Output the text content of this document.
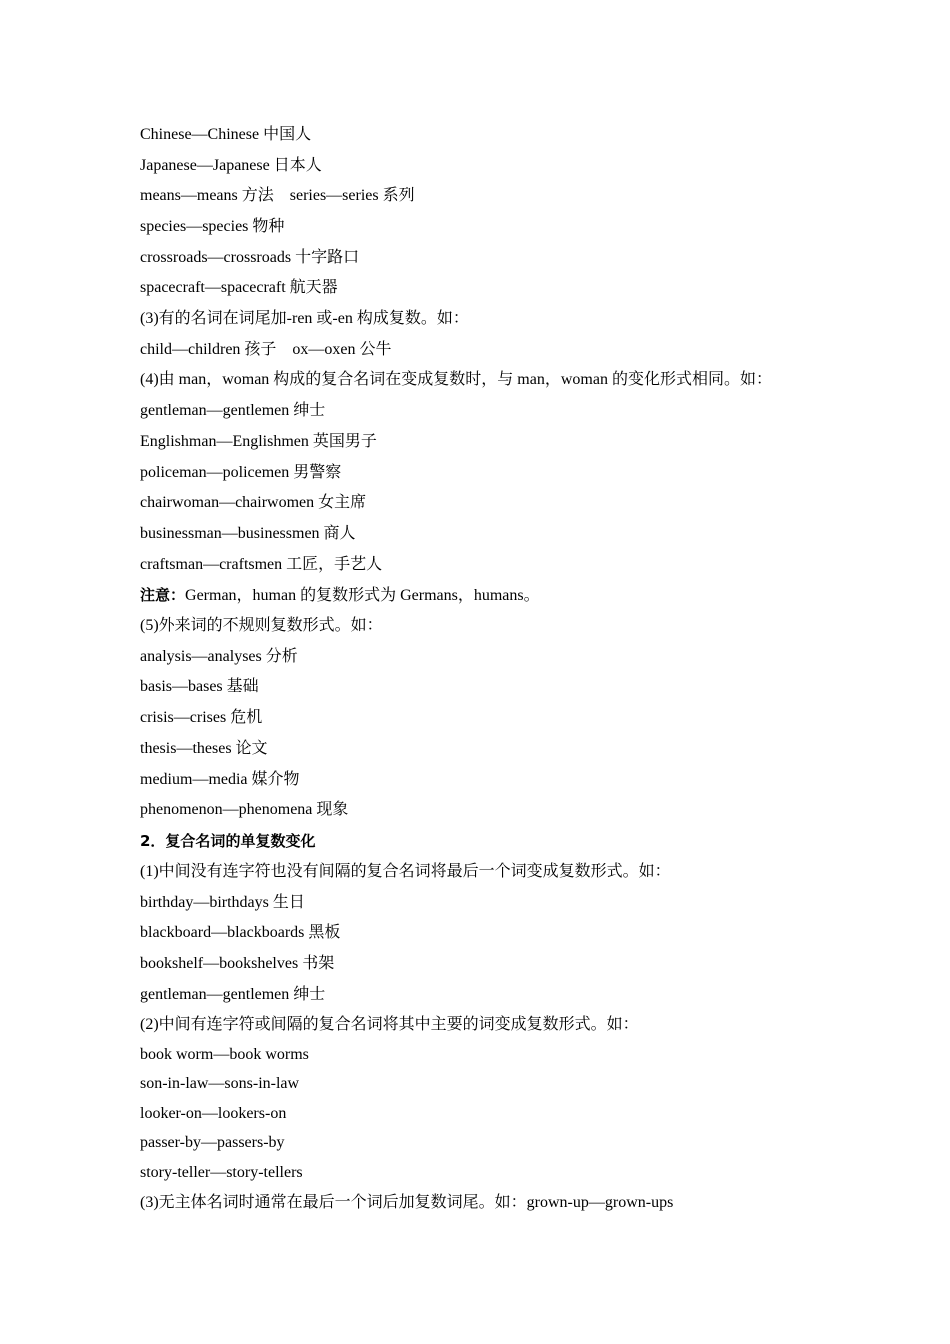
Chinese—Chinese 中国人
Japanese—Japanese 日本人
means—means 方法　series—series 系列
species—species 物种
crossroads—crossroads 十字路口
spacecraft—spacecraft 航天器
(3)有的名词在词尾加-ren 或-en 构成复数。如：
child—children 孩子　ox—oxen 公牛
(4)由 man，woman 构成的复合名词在变成复数时，与 man，woman 的变化形式相同。如：
gentleman—gentlemen 绅士
Englishman—Englishmen 英国男子
policeman—policemen 男警察
chairwoman—chairwomen 女主席
businessman—businessmen 商人
craftsman—craftsmen 工匠，手艺人
注意：German，human 的复数形式为 Germans，humans。
(5)外来词的不规则复数形式。如：
analysis—analyses 分析
basis—bases 基础
crisis—crises 危机
thesis—theses 论文
medium—media 媒介物
phenomenon—phenomena 现象
2．复合名词的单复数变化
(1)中间没有连字符也没有间隔的复合名词将最后一个词变成复数形式。如：
birthday—birthdays 生日
blackboard—blackboards 黑板
bookshelf—bookshelves 书架
gentleman—gentlemen 绅士
(2)中间有连字符或间隔的复合名词将其中主要的词变成复数形式。如：
book worm—book worms
son-in-law—sons-in-law
looker-on—lookers-on
passer-by—passers-by
story-teller—story-tellers
(3)无主体名词时通常在最后一个词后加复数词尾。如：grown-up—grown-ups
